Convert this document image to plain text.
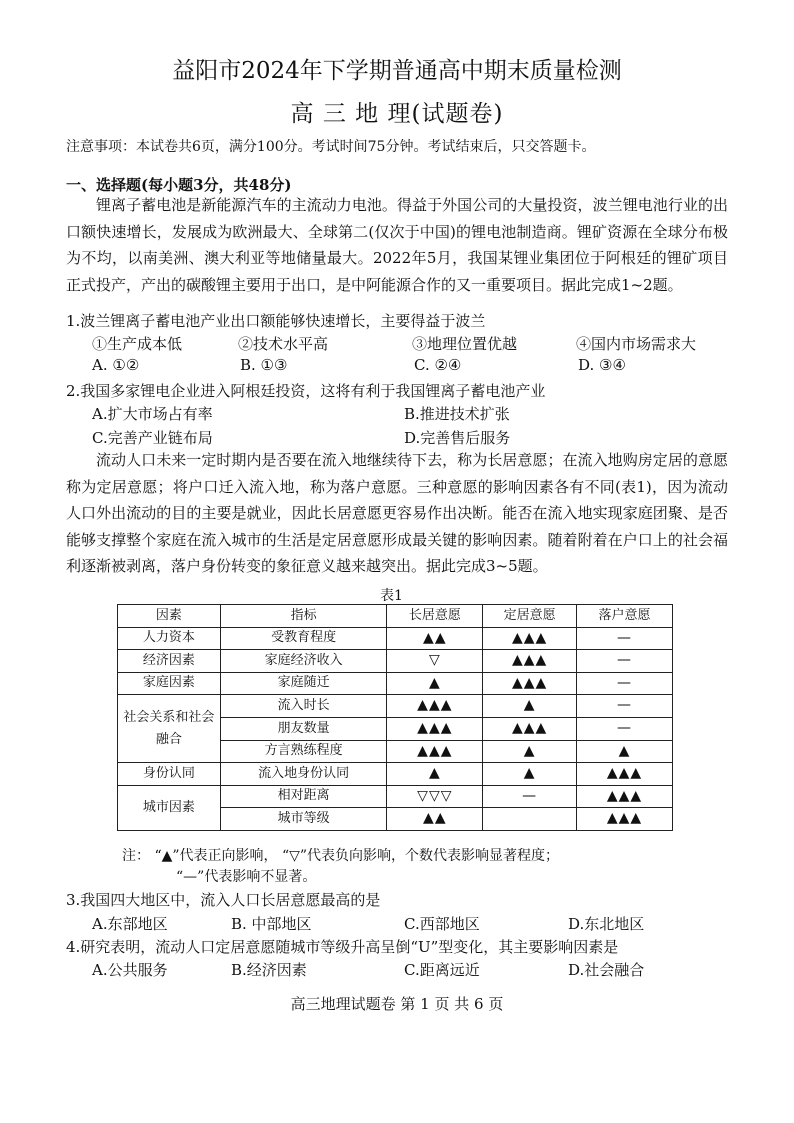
益阳市2024年下学期普通高中期末质量检测
高 三 地 理(试题卷)
注意事项：本试卷共6页，满分100分。考试时间75分钟。考试结束后，只交答题卡。
一、选择题(每小题3分，共48分)
锂离子蓄电池是新能源汽车的主流动力电池。得益于外国公司的大量投资，波兰锂电池行业的出口额快速增长，发展成为欧洲最大、全球第二(仅次于中国)的锂电池制造商。锂矿资源在全球分布极为不均，以南美洲、澳大利亚等地储量最大。2022年5月，我国某锂业集团位于阿根廷的锂矿项目正式投产，产出的碳酸锂主要用于出口，是中阿能源合作的又一重要项目。据此完成1~2题。
1.波兰锂离子蓄电池产业出口额能够快速增长，主要得益于波兰
①生产成本低	②技术水平高	③地理位置优越	④国内市场需求大
A. ①②	B. ①③	C. ②④	D. ③④
2.我国多家锂电企业进入阿根廷投资，这将有利于我国锂离子蓄电池产业
A.扩大市场占有率	B.推进技术扩张
C.完善产业链布局	D.完善售后服务
流动人口未来一定时期内是否要在流入地继续待下去，称为长居意愿；在流入地购房定居的意愿称为定居意愿；将户口迁入流入地，称为落户意愿。三种意愿的影响因素各有不同(表1)，因为流动人口外出流动的目的主要是就业，因此长居意愿更容易作出决断。能否在流入地实现家庭团聚、是否能够支撑整个家庭在流入城市的生活是定居意愿形成最关键的影响因素。随着附着在户口上的社会福利逐渐被剥离，落户身份转变的象征意义越来越突出。据此完成3~5题。
表1
因素	指标	长居意愿	定居意愿	落户意愿
人力资本	受教育程度	▲▲	▲▲▲	—
经济因素	家庭经济收入	▽	▲▲▲	—
家庭因素	家庭随迁	▲	▲▲▲	—
社会关系和社会融合	流入时长	▲▲▲	▲	—
	朋友数量	▲▲▲	▲▲▲	—
	方言熟练程度	▲▲▲	▲	▲
身份认同	流入地身份认同	▲	▲	▲▲▲
城市因素	相对距离	▽▽▽	—	▲▲▲
	城市等级	▲▲		▲▲▲
注： “▲”代表正向影响， “▽”代表负向影响，个数代表影响显著程度；
“—”代表影响不显著。
3.我国四大地区中，流入人口长居意愿最高的是
A.东部地区	B. 中部地区	C.西部地区	D.东北地区
4.研究表明，流动人口定居意愿随城市等级升高呈倒“U”型变化，其主要影响因素是
A.公共服务	B.经济因素	C.距离远近	D.社会融合
高三地理试题卷 第 1 页 共 6 页
